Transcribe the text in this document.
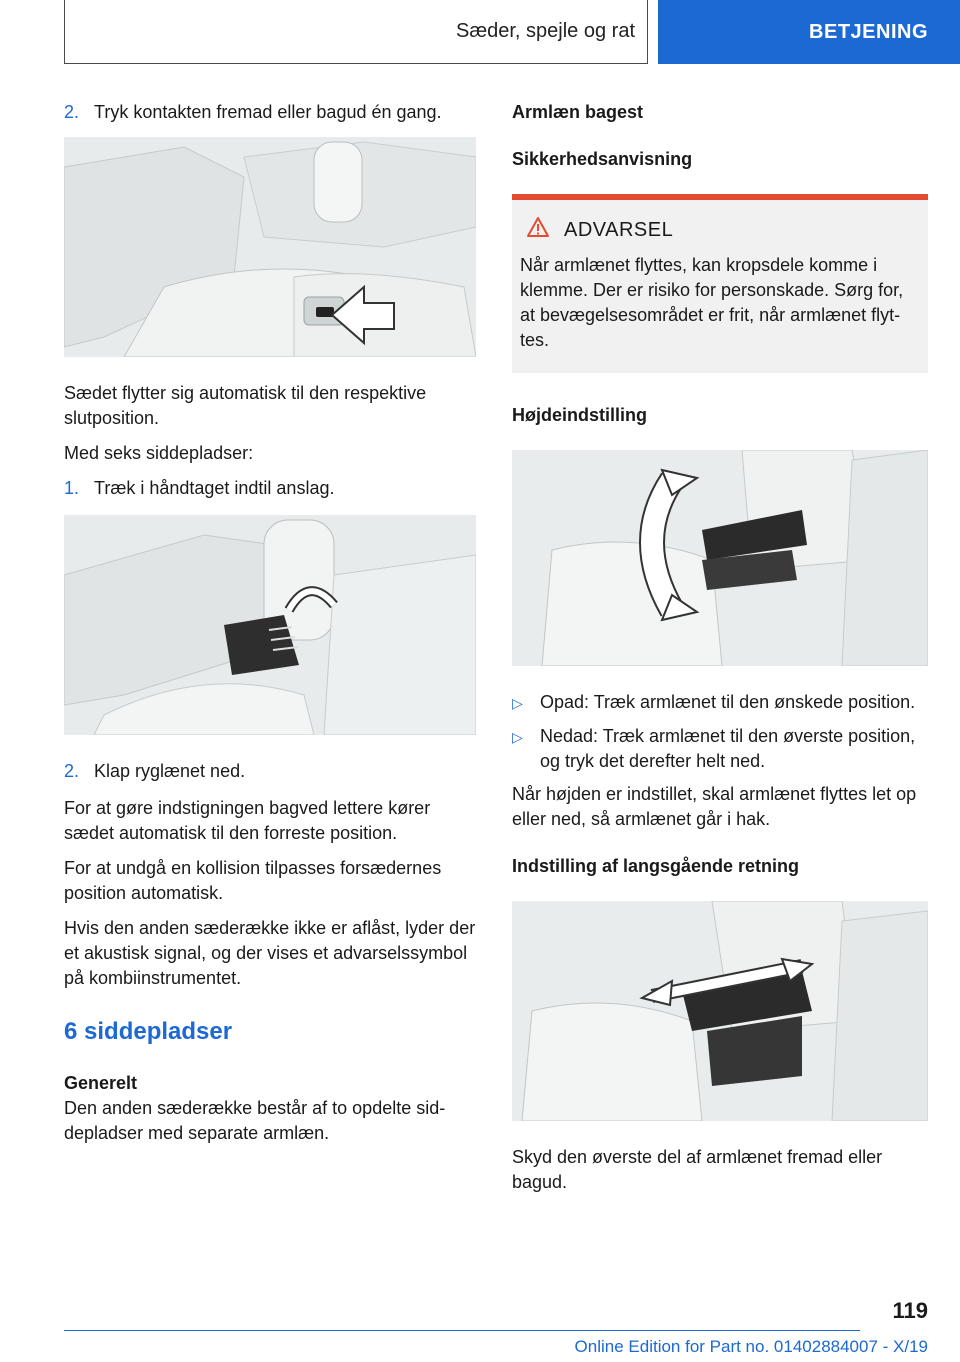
Sæder, spejle og rat	BETJENING
2. Tryk kontakten fremad eller bagud én gang.

Sædet flytter sig automatisk til den respektive slutposition.

Med seks siddepladser:

1. Træk i håndtaget indtil anslag.
2. Klap ryglænet ned.

For at gøre indstigningen bagved lettere kører sædet automatisk til den forreste position.

For at undgå en kollision tilpasses forsædernes position automatisk.

Hvis den anden sæderække ikke er aflåst, lyder der et akustisk signal, og der vises et advarselssymbol på kombiinstrumentet.

6 siddepladser
Generelt

Den anden sæderække består af to opdelte siddepladser med separate armlæn.

Armlæn bagest
Sikkerhedsanvisning
ADVARSEL
Når armlænet flyttes, kan kropsdele komme i klemme. Der er risiko for personskade. Sørg for, at bevægelsesområdet er frit, når armlænet flyttes.
Højdeindstilling
▷ Opad: Træk armlænet til den ønskede position.
▷ Nedad: Træk armlænet til den øverste position, og tryk det derefter helt ned.

Når højden er indstillet, skal armlænet flyttes let op eller ned, så armlænet går i hak.

Indstilling af langsgående retning

Skyd den øverste del af armlænet fremad eller bagud.

119
Online Edition for Part no. 01402884007 - X/19
